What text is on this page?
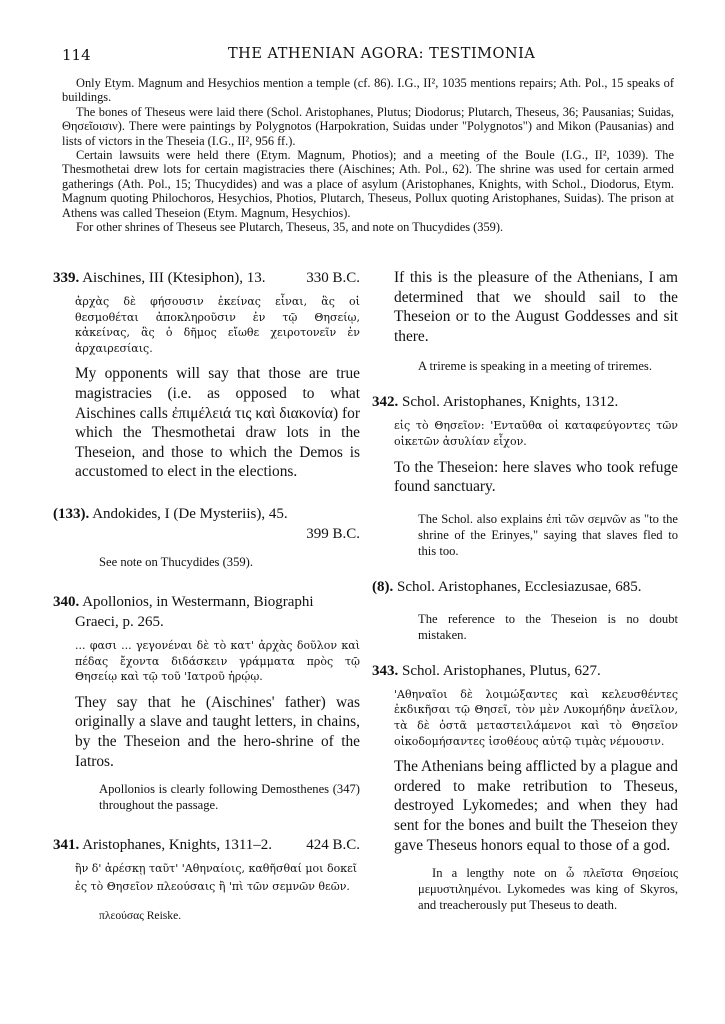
114	THE ATHENIAN AGORA: TESTIMONIA

Only Etym. Magnum and Hesychios mention a temple (cf. 86). I.G., II², 1035 mentions repairs; Ath. Pol., 15 speaks of buildings.

The bones of Theseus were laid there (Schol. Aristophanes, Plutus; Diodorus; Plutarch, Theseus, 36; Pausanias; Suidas, Θησεῖοισιν). There were paintings by Polygnotos (Harpokration, Suidas under "Polygnotos") and Mikon (Pausanias) and lists of victors in the Theseia (I.G., II², 956 ff.).

Certain lawsuits were held there (Etym. Magnum, Photios); and a meeting of the Boule (I.G., II², 1039). The Thesmothetai drew lots for certain magistracies there (Aischines; Ath. Pol., 62). The shrine was used for certain armed gatherings (Ath. Pol., 15; Thucydides) and was a place of asylum (Aristophanes, Knights, with Schol., Diodorus, Etym. Magnum quoting Philochoros, Hesychios, Photios, Plutarch, Theseus, Pollux quoting Aristophanes, Suidas). The prison at Athens was called Theseion (Etym. Magnum, Hesychios).

For other shrines of Theseus see Plutarch, Theseus, 35, and note on Thucydides (359).

339. Aischines, III (Ktesiphon), 13.	330 B.C.
ἀρχὰς δὲ φήσουσιν ἐκείνας εἶναι, ἃς οἱ θεσμοθέται ἀποκληροῦσιν ἐν τῷ Θησείῳ, κἀκείνας, ἃς ὁ δῆμος εἴωθε χειροτονεῖν ἐν ἀρχαιρεσίαις.
My opponents will say that those are true magistracies (i.e. as opposed to what Aischines calls ἐπιμέλειά τις καὶ διακονία) for which the Thesmothetai draw lots in the Theseion, and those to which the Demos is accustomed to elect in the elections.
(133). Andokides, I (De Mysteriis), 45.
399 B.C.
See note on Thucydides (359).
340. Apollonios, in Westermann, Biographi Graeci, p. 265.
... φασι ... γεγονέναι δὲ τὸ κατ' ἀρχὰς δοῦλον καὶ πέδας ἔχοντα διδάσκειν γράμματα πρὸς τῷ Θησείῳ καὶ τῷ τοῦ 'Ιατροῦ ἡρῴῳ.
They say that he (Aischines' father) was originally a slave and taught letters, in chains, by the Theseion and the hero-shrine of the Iatros.
Apollonios is clearly following Demosthenes (347) throughout the passage.
341. Aristophanes, Knights, 1311–2. 424 B.C.
ἢν δ' ἀρέσκῃ ταῦτ' 'Αθηναίοις, καθῆσθαί μοι δοκεῖ
ἐς τὸ Θησεῖον πλεούσαις ἢ 'πὶ τῶν σεμνῶν θεῶν.
πλεούσας Reiske.
If this is the pleasure of the Athenians, I am determined that we should sail to the Theseion or to the August Goddesses and sit there.
A trireme is speaking in a meeting of triremes.
342. Schol. Aristophanes, Knights, 1312.
εἰς τὸ Θησεῖον: 'Ενταῦθα οἱ καταφεύγοντες τῶν οἰκετῶν ἀσυλίαν εἶχον.
To the Theseion: here slaves who took refuge found sanctuary.
The Schol. also explains ἐπὶ τῶν σεμνῶν as "to the shrine of the Erinyes," saying that slaves fled to this too.
(8). Schol. Aristophanes, Ecclesiazusae, 685.
The reference to the Theseion is no doubt mistaken.
343. Schol. Aristophanes, Plutus, 627.
'Αθηναῖοι δὲ λοιμώξαντες καὶ κελευσθέντες ἐκδικῆσαι τῷ Θησεῖ, τὸν μὲν Λυκομήδην ἀνεῖλον, τὰ δὲ ὀστᾶ μεταστειλάμενοι καὶ τὸ Θησεῖον οἰκοδομήσαντες ἰσοθέους αὐτῷ τιμὰς νέμουσιν.
The Athenians being afflicted by a plague and ordered to make retribution to Theseus, destroyed Lykomedes; and when they had sent for the bones and built the Theseion they gave Theseus honors equal to those of a god.
In a lengthy note on ὦ πλεῖστα Θησείοις μεμυστιλημένοι. Lykomedes was king of Skyros, and treacherously put Theseus to death.
